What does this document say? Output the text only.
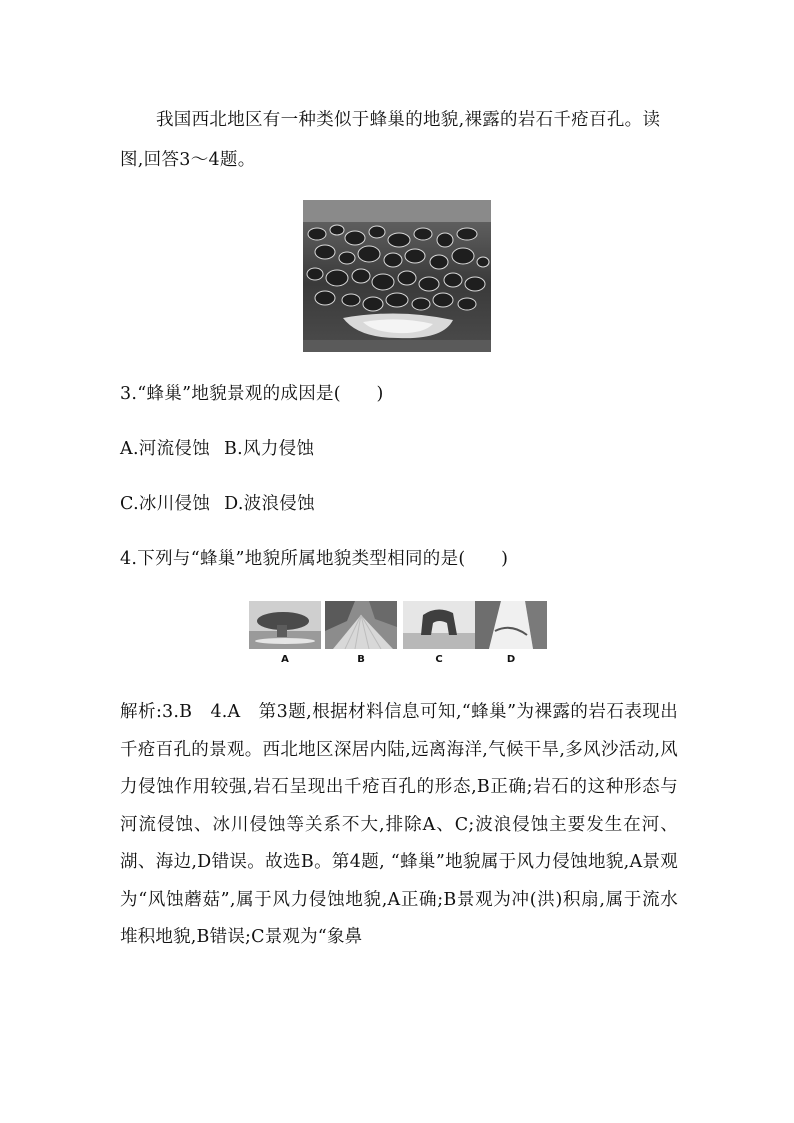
我国西北地区有一种类似于蜂巢的地貌,裸露的岩石千疮百孔。读图,回答3～4题。

3.“蜂巢”地貌景观的成因是(　　)
A.河流侵蚀 B.风力侵蚀
C.冰川侵蚀 D.波浪侵蚀
4.下列与“蜂巢”地貌所属地貌类型相同的是(　　)
A	B	C	D

解析:3.B　4.A　第3题,根据材料信息可知,“蜂巢”为裸露的岩石表现出千疮百孔的景观。西北地区深居内陆,远离海洋,气候干旱,多风沙活动,风力侵蚀作用较强,岩石呈现出千疮百孔的形态,B正确;岩石的这种形态与河流侵蚀、冰川侵蚀等关系不大,排除A、C;波浪侵蚀主要发生在河、湖、海边,D错误。故选B。第4题, “蜂巢”地貌属于风力侵蚀地貌,A景观为“风蚀蘑菇”,属于风力侵蚀地貌,A正确;B景观为冲(洪)积扇,属于流水堆积地貌,B错误;C景观为“象鼻
